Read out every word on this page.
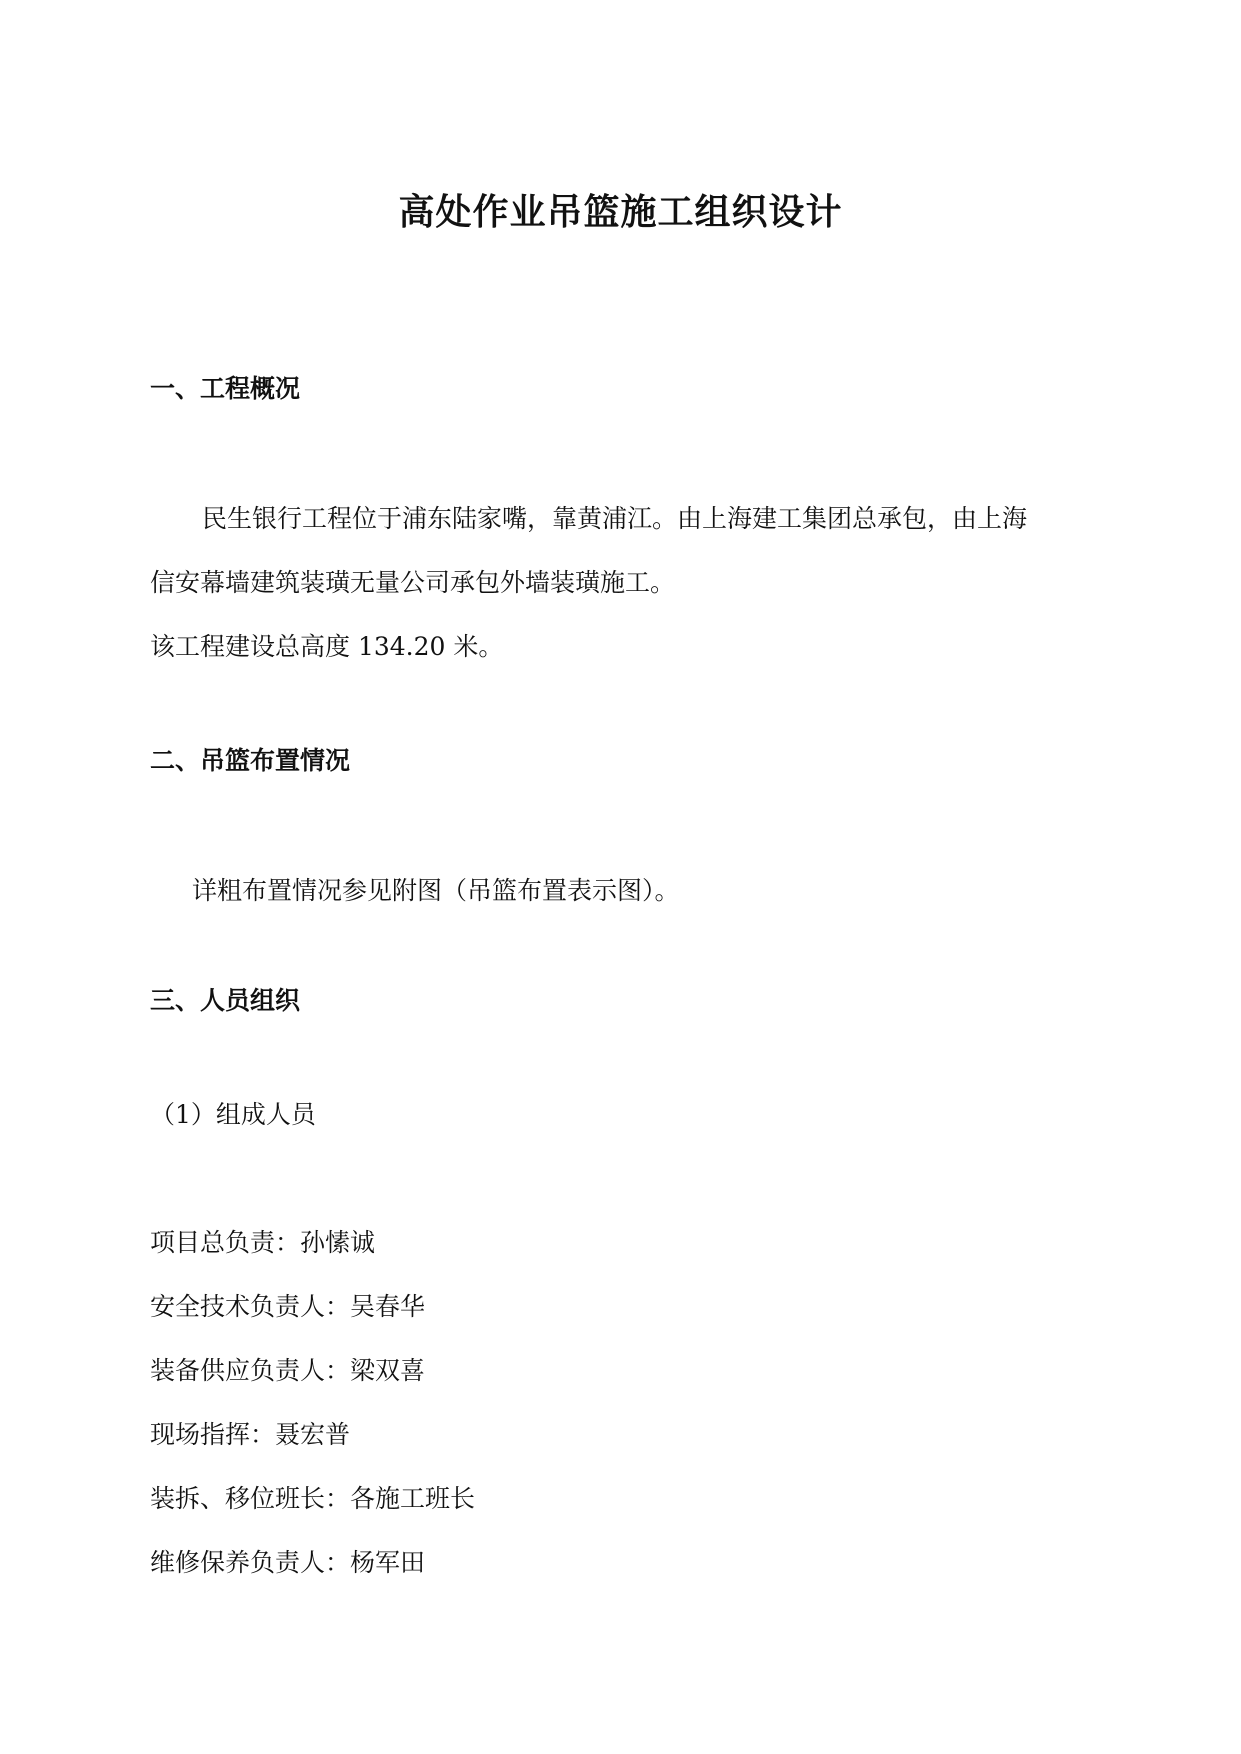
高处作业吊篮施工组织设计
一、工程概况
民生银行工程位于浦东陆家嘴，靠黄浦江。由上海建工集团总承包，由上海
信安幕墙建筑装璜无量公司承包外墙装璜施工。
该工程建设总高度 134.20 米。
二、吊篮布置情况
详粗布置情况参见附图（吊篮布置表示图）。
三、人员组织
（1）组成人员
项目总负责：孙愫诚
安全技术负责人：吴春华
装备供应负责人：梁双喜
现场指挥：聂宏普
装拆、移位班长：各施工班长
维修保养负责人：杨军田
